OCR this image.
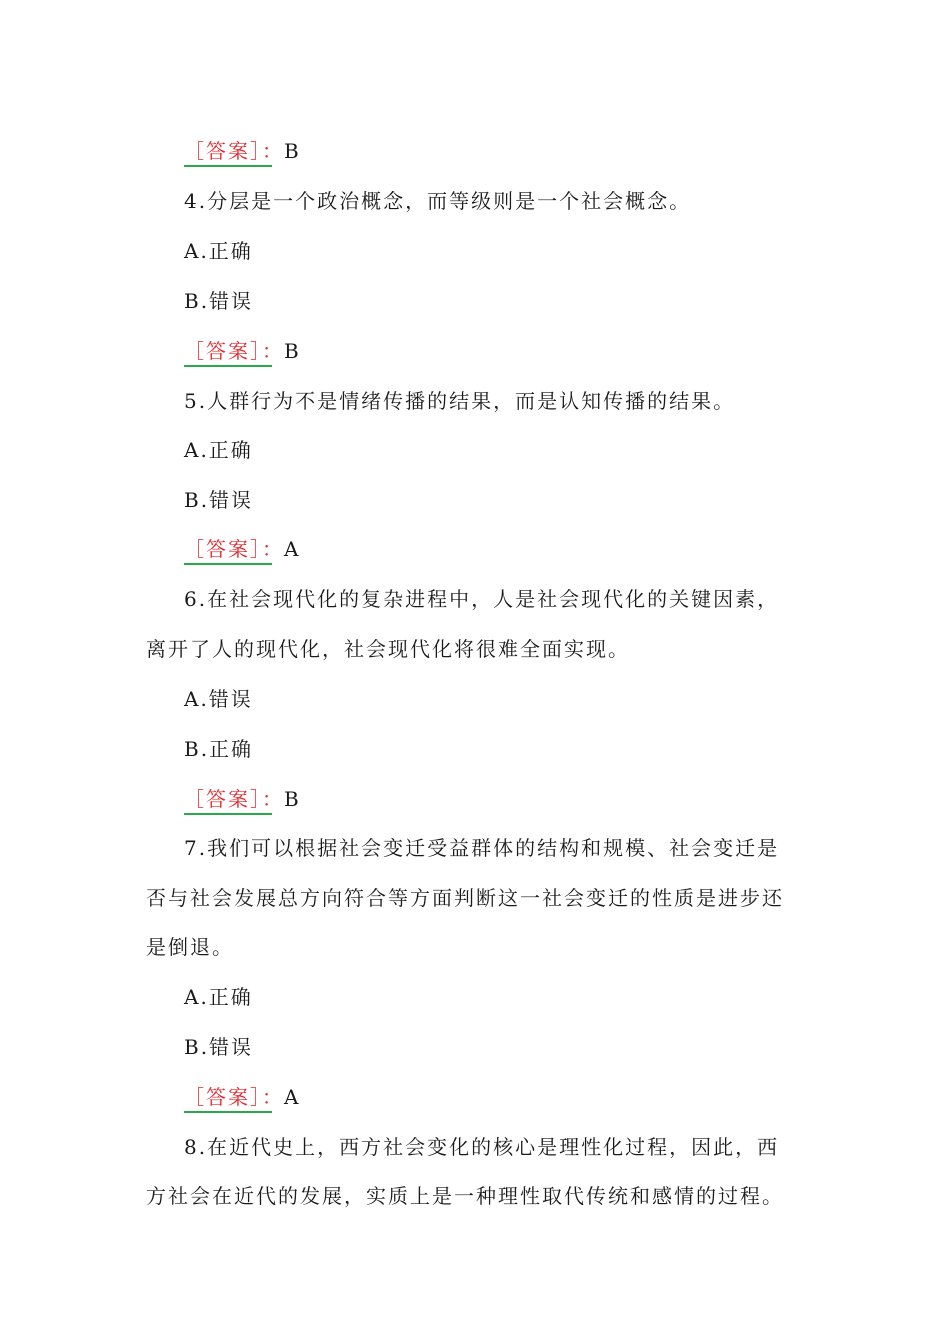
［答案］：
B
4.分层是一个政治概念，而等级则是一个社会概念。
A.正确
B.错误
［答案］：
B
5.人群行为不是情绪传播的结果，而是认知传播的结果。
A.正确
B.错误
［答案］：
A
6.在社会现代化的复杂进程中，人是社会现代化的关键因素，
离开了人的现代化，社会现代化将很难全面实现。
A.错误
B.正确
［答案］：
B
7.我们可以根据社会变迁受益群体的结构和规模、社会变迁是
否与社会发展总方向符合等方面判断这一社会变迁的性质是进步还
是倒退。
A.正确
B.错误
［答案］：
A
8.在近代史上，西方社会变化的核心是理性化过程，因此，西
方社会在近代的发展，实质上是一种理性取代传统和感情的过程。
